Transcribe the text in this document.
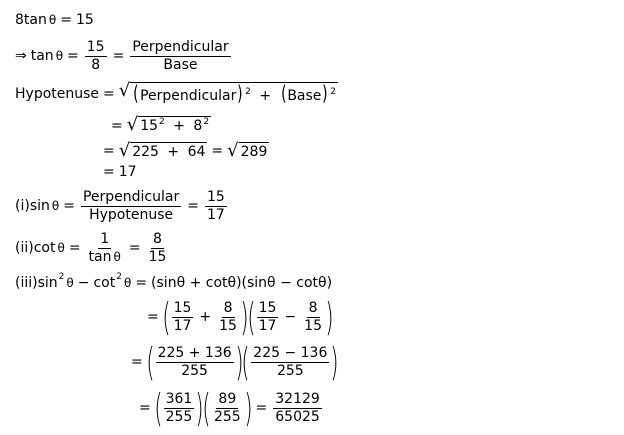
8 tan θ = 15
⇒ $\tan \theta = \frac{15}{8} = \frac{\text{Perpendicular}}{\text{Base}}$
Hypotenuse = √ (Perpendicular) $^2$ + (Base) $^2$
= √ $15^2 + 8^2$
= √ 225 + 64 = √ 289
= 17
(i) $\sin \theta = \frac{\text{Perpendicular}}{\text{Hypotenuse}} = \frac{15}{17}$
(ii) $\cot \theta = \frac{1}{\text{tan θ}} = \frac{8}{15}$
(iii) sin 2 θ − cot 2 θ = (sinθ + cotθ)(sinθ − cotθ)
= ( $\frac{15}{17} + \frac{8}{15}$ )
( $\frac{15}{17} - \frac{8}{15}$ )
= ( $\frac{225 + 136}{255}$ )
( $\frac{225 - 136}{255}$ )
= ( $\frac{361}{255}$ )
( $\frac{89}{255}$ ) = $\frac{32129}{65025}$
